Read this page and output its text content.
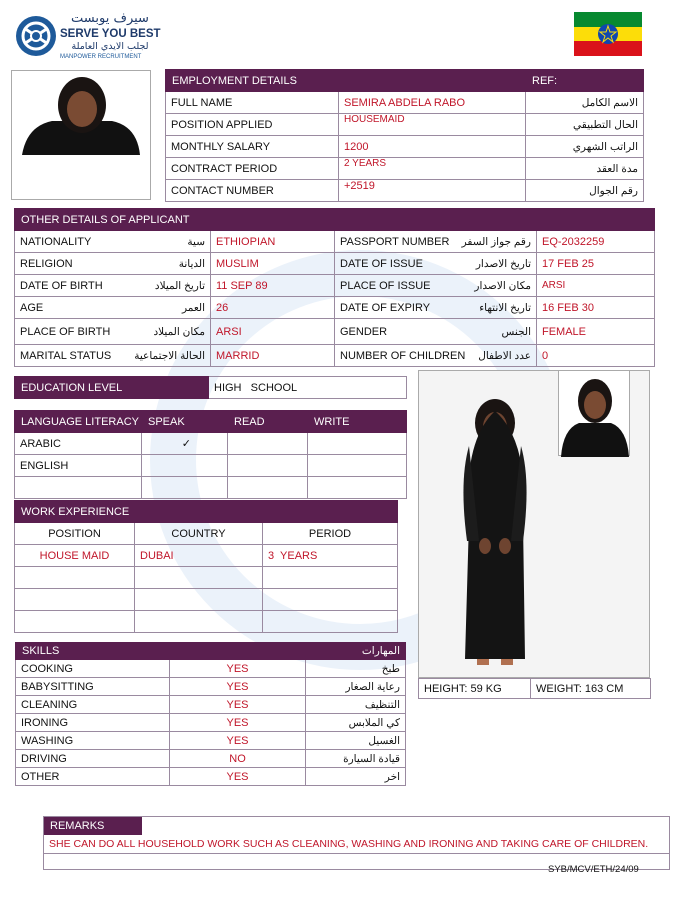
سيرف يوبست
SERVE YOU BEST
لجلب الايدي العاملة
MANPOWER RECRUITMENT
EMPLOYMENT DETAILS		REF:
FULL NAME	SEMIRA ABDELA RABO	الاسم الكامل
POSITION APPLIED	HOUSEMAID	الحال التطبيقي
MONTHLY SALARY	1200	الراتب الشهري
CONTRACT PERIOD	2 YEARS	مدة العقد
CONTACT NUMBER	+2519	رقم الجوال
OTHER DETAILS OF APPLICANT			
NATIONALITY سية	ETHIOPIAN	PASSPORT NUMBER رقم جواز السفر	EQ-2032259
RELIGION الديانة	MUSLIM	DATE OF ISSUE تاريخ الاصدار	17 FEB 25
DATE OF BIRTH تاريخ الميلاد	11 SEP 89	PLACE OF ISSUE مكان الاصدار	ARSI
AGE العمر	26	DATE OF EXPIRY تاريخ الانتهاء	16 FEB 30
PLACE OF BIRTH مكان الميلاد	ARSI	GENDER الجنس	FEMALE
MARITAL STATUS الحالة الاجتماعية	MARRID	NUMBER OF CHILDREN عدد الاطفال	0
EDUCATION LEVEL	HIGH   SCHOOL
LANGUAGE LITERACY	SPEAK	READ	WRITE
ARABIC	✓		
ENGLISH			

WORK EXPERIENCE		
POSITION	COUNTRY	PERIOD
HOUSE MAID	DUBAI	3  YEARS

SKILLS		المهارات
COOKING	YES	طبخ
BABYSITTING	YES	رعاية الصغار
CLEANING	YES	التنظيف
IRONING	YES	كي الملابس
WASHING	YES	الغسيل
DRIVING	NO	قيادة السيارة
OTHER	YES	اخر
HEIGHT: 59 KG	WEIGHT: 163 CM
REMARKS
SHE CAN DO ALL HOUSEHOLD WORK SUCH AS CLEANING, WASHING AND IRONING AND TAKING CARE OF CHILDREN.
SYB/MCV/ETH/24/09
